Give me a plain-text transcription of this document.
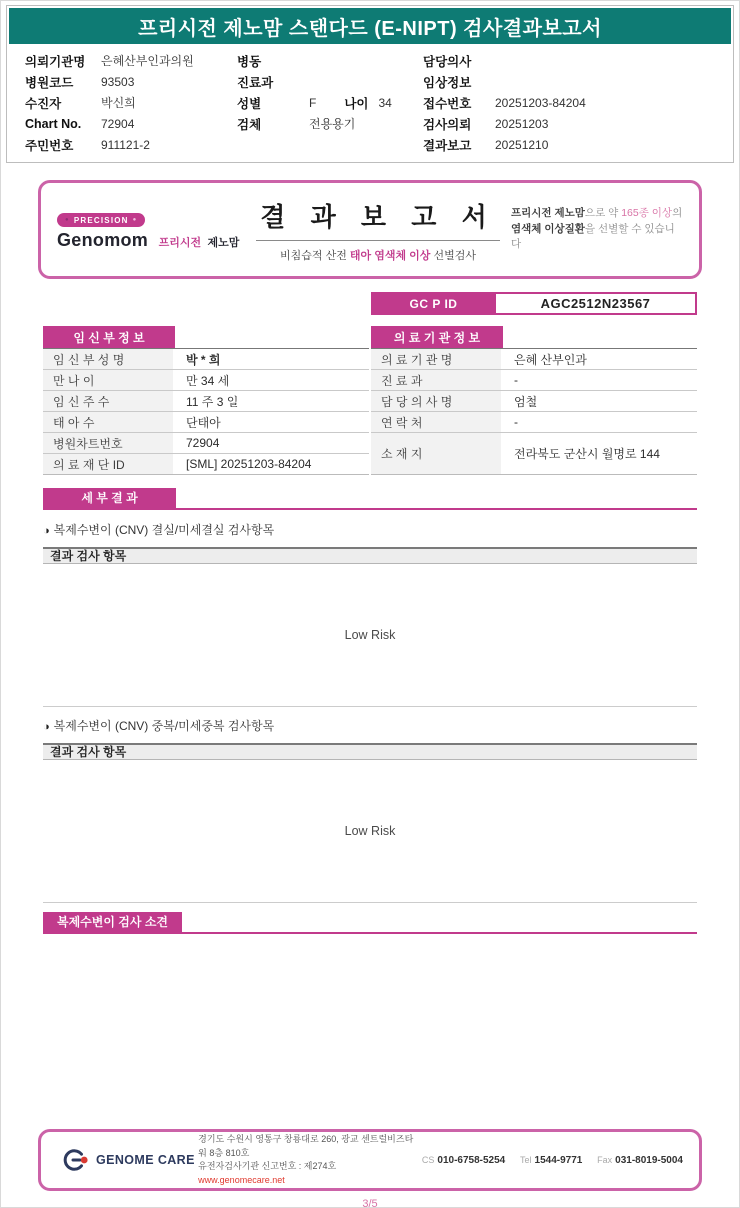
프리시전 제노맘 스탠다드 (E-NIPT) 검사결과보고서
의뢰기관명	은혜산부인과의원
병원코드	93503
수진자	박신희
Chart No.	72904
주민번호	911121-2
병동
진료과
성별	F 나이 34
검체	전용용기
담당의사
임상정보
접수번호	20251203-84204
검사의뢰	20251203
결과보고	20251210
● PRECISION ●
Genomom 프리시전 제노맘
결 과 보 고 서
비침습적 산전 태아 염색체 이상 선별검사
프리시전 제노맘으로 약 165종 이상의
염색체 이상질환을 선별할 수 있습니다
GC P ID	AGC2512N23567
임 신 부 정 보
임 신 부 성 명	박 * 희
만 나 이	만 34 세
임 신 주 수	11 주 3 일
태 아 수	단태아
병원차트번호	72904
의 료 재 단 ID	[SML] 20251203-84204
의 료 기 관 정 보
의 료 기 관 명	은혜 산부인과
진 료 과	-
담 당 의 사 명	엄철
연 락 처	-
소 재 지	전라북도 군산시 월명로 144
세 부 결 과
◑ 복제수변이 (CNV) 결실/미세결실 검사항목
결과 검사 항목
Low Risk
◑ 복제수변이 (CNV) 중복/미세중복 검사항목
결과 검사 항목
Low Risk
복제수변이 검사 소견
GENOME CARE
경기도 수원시 영통구 창룡대로 260, 광교 센트럴비즈타워 8층 810호
유전자검사기관 신고번호 : 제274호
www.genomecare.net
CS 010-6758-5254 Tel 1544-9771 Fax 031-8019-5004
3/5
